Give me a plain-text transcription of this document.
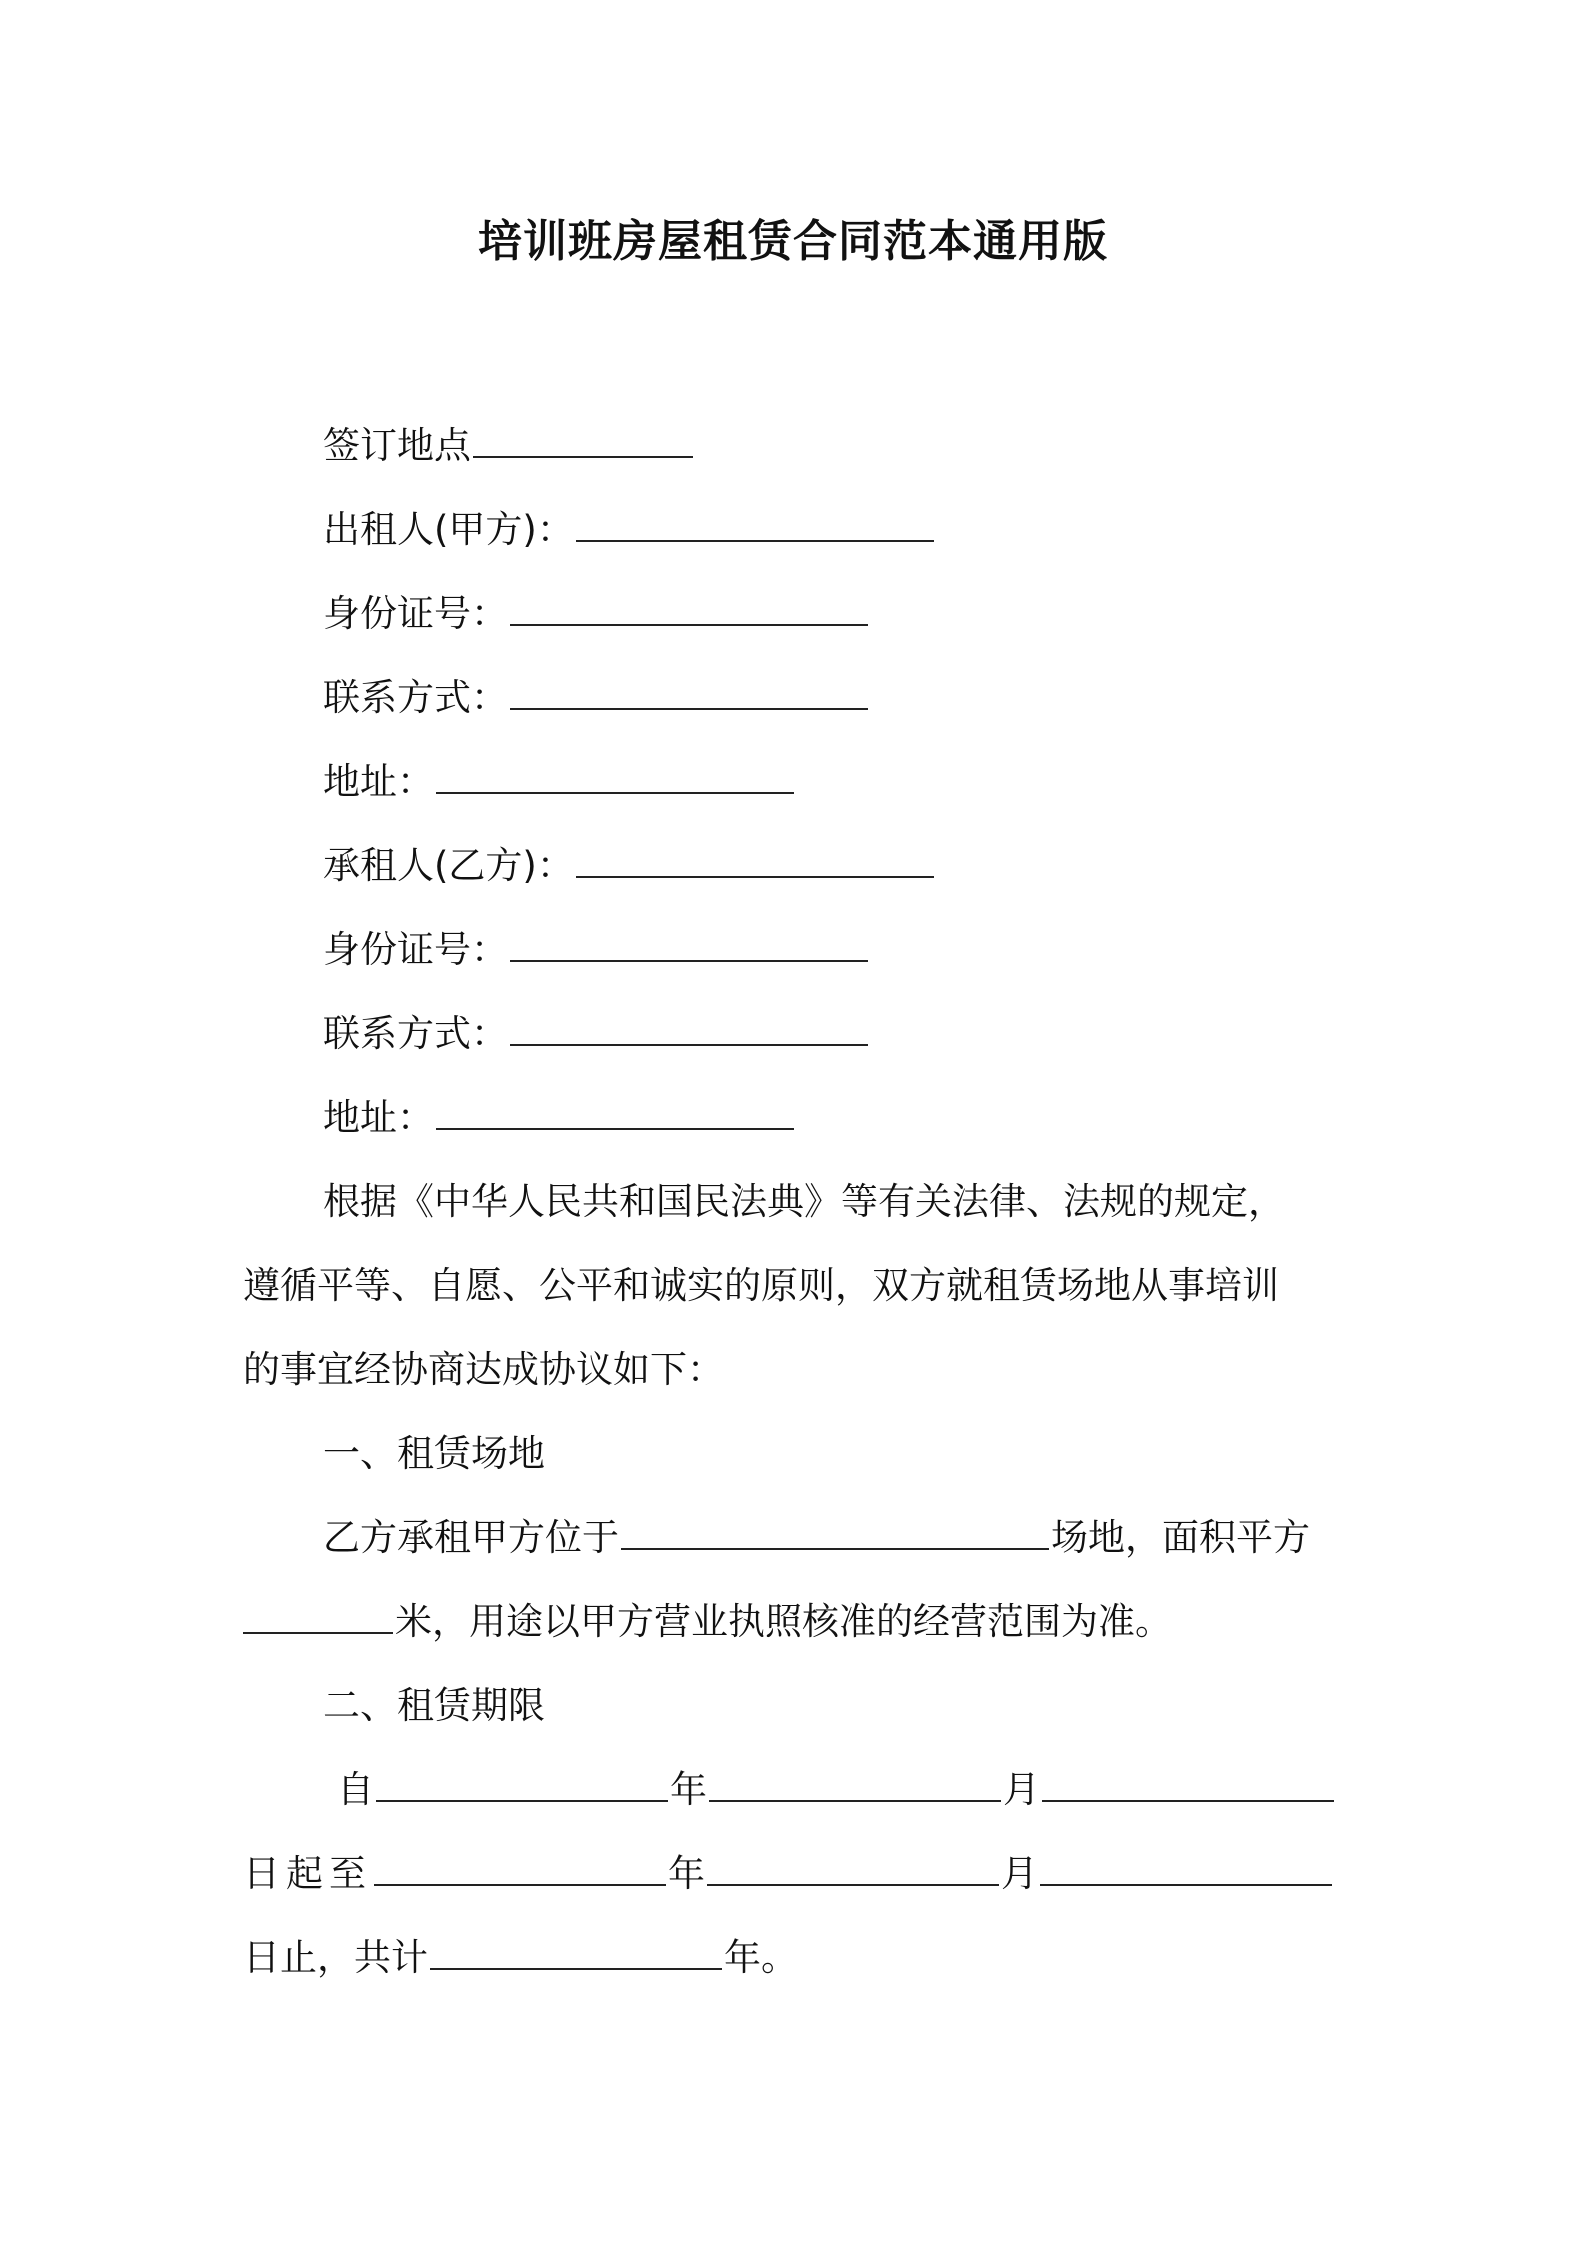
培训班房屋租赁合同范本通用版
签订地点
出租人(甲方)：
身份证号：
联系方式：
地址：
承租人(乙方)：
身份证号：
联系方式：
地址：
根据《中华人民共和国民法典》等有关法律、法规的规定，
遵循平等、自愿、公平和诚实的原则，双方就租赁场地从事培训
的事宜经协商达成协议如下：
一、租赁场地
乙方承租甲方位于	场地，面积平方
米，用途以甲方营业执照核准的经营范围为准。
二、租赁期限
自	年	月
日起至	年	月
日止，共计	年。
